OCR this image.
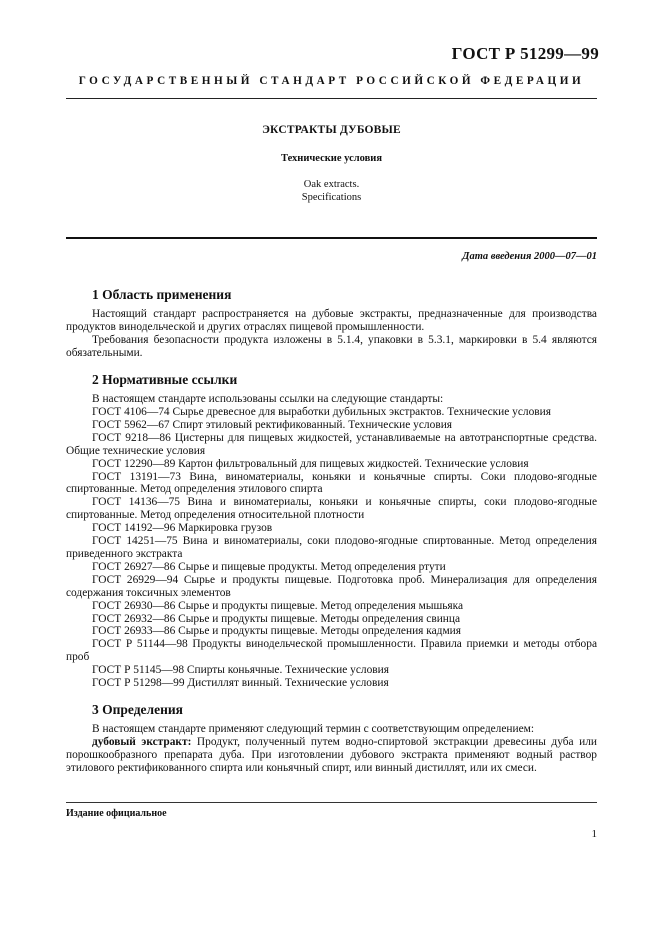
ГОСТ Р 51299—99
ГОСУДАРСТВЕННЫЙ СТАНДАРТ РОССИЙСКОЙ ФЕДЕРАЦИИ
ЭКСТРАКТЫ ДУБОВЫЕ
Технические условия
Oak extracts.
Specifications
Дата введения 2000—07—01
1 Область применения

Настоящий стандарт распространяется на дубовые экстракты, предназначенные для производства продуктов винодельческой и других отраслях пищевой промышленности.

Требования безопасности продукта изложены в 5.1.4, упаковки в 5.3.1, маркировки в 5.4 являются обязательными.

2 Нормативные ссылки

В настоящем стандарте использованы ссылки на следующие стандарты:

ГОСТ 4106—74 Сырье древесное для выработки дубильных экстрактов. Технические условия

ГОСТ 5962—67 Спирт этиловый ректификованный. Технические условия

ГОСТ 9218—86 Цистерны для пищевых жидкостей, устанавливаемые на автотранспортные средства. Общие технические условия

ГОСТ 12290—89 Картон фильтровальный для пищевых жидкостей. Технические условия

ГОСТ 13191—73 Вина, виноматериалы, коньяки и коньячные спирты. Соки плодово-ягодные спиртованные. Метод определения этилового спирта

ГОСТ 14136—75 Вина и виноматериалы, коньяки и коньячные спирты, соки плодово-ягодные спиртованные. Метод определения относительной плотности

ГОСТ 14192—96 Маркировка грузов

ГОСТ 14251—75 Вина и виноматериалы, соки плодово-ягодные спиртованные. Метод определения приведенного экстракта

ГОСТ 26927—86 Сырье и пищевые продукты. Метод определения ртути

ГОСТ 26929—94 Сырье и продукты пищевые. Подготовка проб. Минерализация для определения содержания токсичных элементов

ГОСТ 26930—86 Сырье и продукты пищевые. Метод определения мышьяка

ГОСТ 26932—86 Сырье и продукты пищевые. Методы определения свинца

ГОСТ 26933—86 Сырье и продукты пищевые. Методы определения кадмия

ГОСТ Р 51144—98 Продукты винодельческой промышленности. Правила приемки и методы отбора проб

ГОСТ Р 51145—98 Спирты коньячные. Технические условия

ГОСТ Р 51298—99 Дистиллят винный. Технические условия

3 Определения

В настоящем стандарте применяют следующий термин с соответствующим определением:

дубовый экстракт: Продукт, полученный путем водно-спиртовой экстракции древесины дуба или порошкообразного препарата дуба. При изготовлении дубового экстракта применяют водный раствор этилового ректификованного спирта или коньячный спирт, или винный дистиллят, или их смеси.

Издание официальное
1
